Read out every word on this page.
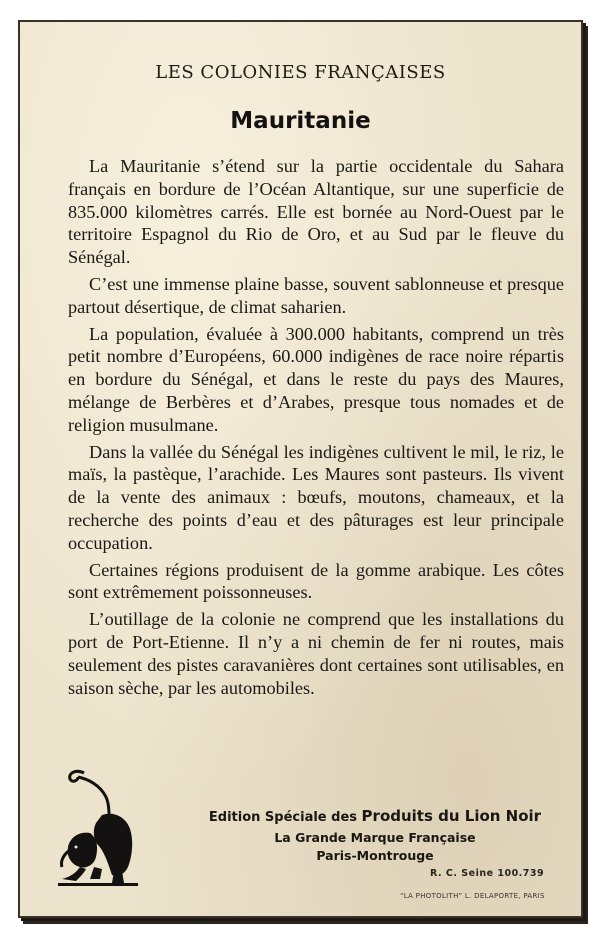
LES COLONIES FRANÇAISES
Mauritanie

La Mauritanie s’étend sur la partie occidentale du Sahara français en bordure de l’Océan Altantique, sur une superficie de 835.000 kilomètres carrés. Elle est bornée au Nord-Ouest par le territoire Espagnol du Rio de Oro, et au Sud par le fleuve du Sénégal.

C’est une immense plaine basse, souvent sablonneuse et presque partout désertique, de climat saharien.

La population, évaluée à 300.000 habitants, comprend un très petit nombre d’Européens, 60.000 indigènes de race noire répartis en bordure du Sénégal, et dans le reste du pays des Maures, mélange de Berbères et d’Arabes, presque tous nomades et de religion musulmane.

Dans la vallée du Sénégal les indigènes cultivent le mil, le riz, le maïs, la pastèque, l’arachide. Les Maures sont pasteurs. Ils vivent de la vente des animaux : bœufs, moutons, chameaux, et la recherche des points d’eau et des pâturages est leur principale occupation.

Certaines régions produisent de la gomme arabique. Les côtes sont extrêmement poissonneuses.

L’outillage de la colonie ne comprend que les installations du port de Port-Etienne. Il n’y a ni chemin de fer ni routes, mais seulement des pistes caravanières dont certaines sont utilisables, en saison sèche, par les automobiles.

Edition Spéciale des Produits du Lion Noir
La Grande Marque Française
Paris-Montrouge
R. C. Seine 100.739
“LA PHOTOLITH” L. DELAPORTE, PARIS
